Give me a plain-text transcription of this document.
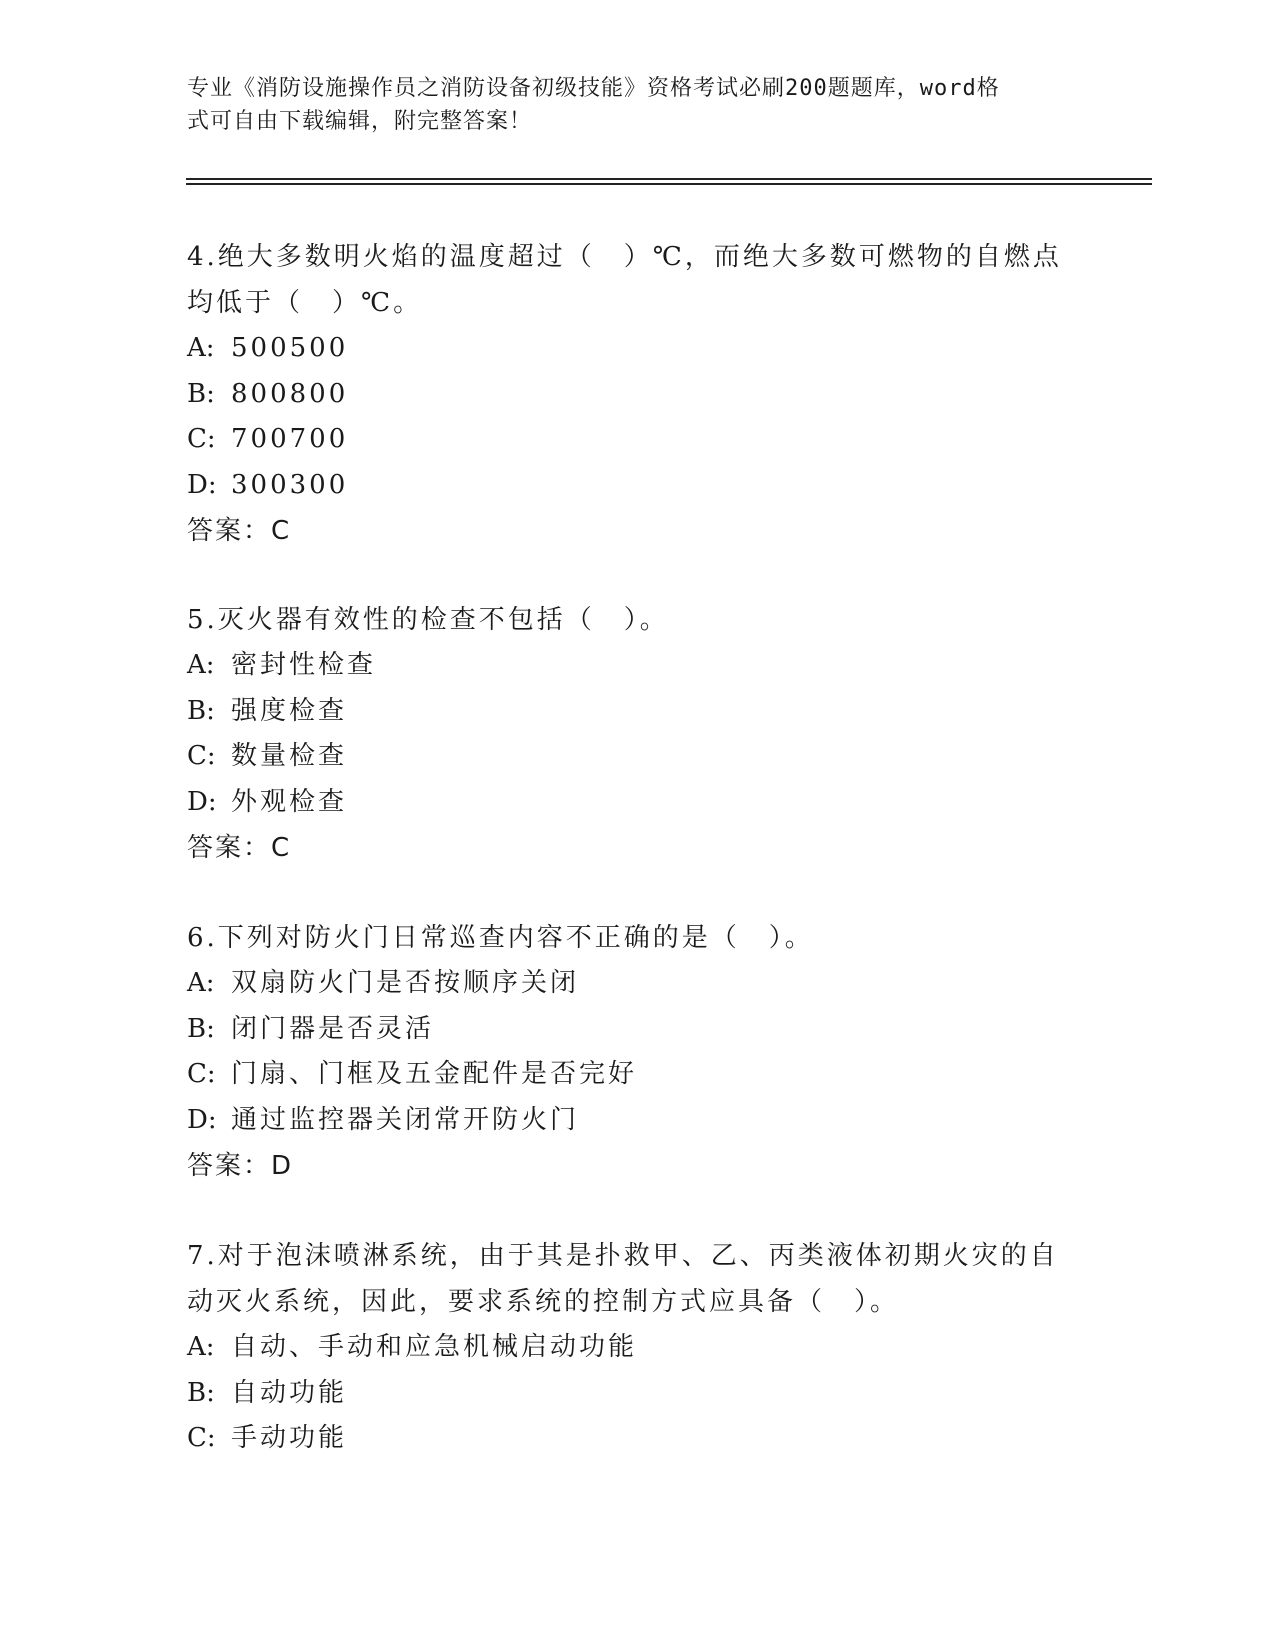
专业《消防设施操作员之消防设备初级技能》资格考试必刷200题题库，word格
式可自由下载编辑，附完整答案！
4.绝大多数明火焰的温度超过（　）℃，而绝大多数可燃物的自燃点
均低于（　）℃。
A: 500500
B: 800800
C: 700700
D: 300300
答案：C
5.灭火器有效性的检查不包括（　）。
A: 密封性检查
B: 强度检查
C: 数量检查
D: 外观检查
答案：C
6.下列对防火门日常巡查内容不正确的是（　）。
A: 双扇防火门是否按顺序关闭
B: 闭门器是否灵活
C: 门扇、门框及五金配件是否完好
D: 通过监控器关闭常开防火门
答案：D
7.对于泡沫喷淋系统，由于其是扑救甲、乙、丙类液体初期火灾的自
动灭火系统，因此，要求系统的控制方式应具备（　）。
A: 自动、手动和应急机械启动功能
B: 自动功能
C: 手动功能
